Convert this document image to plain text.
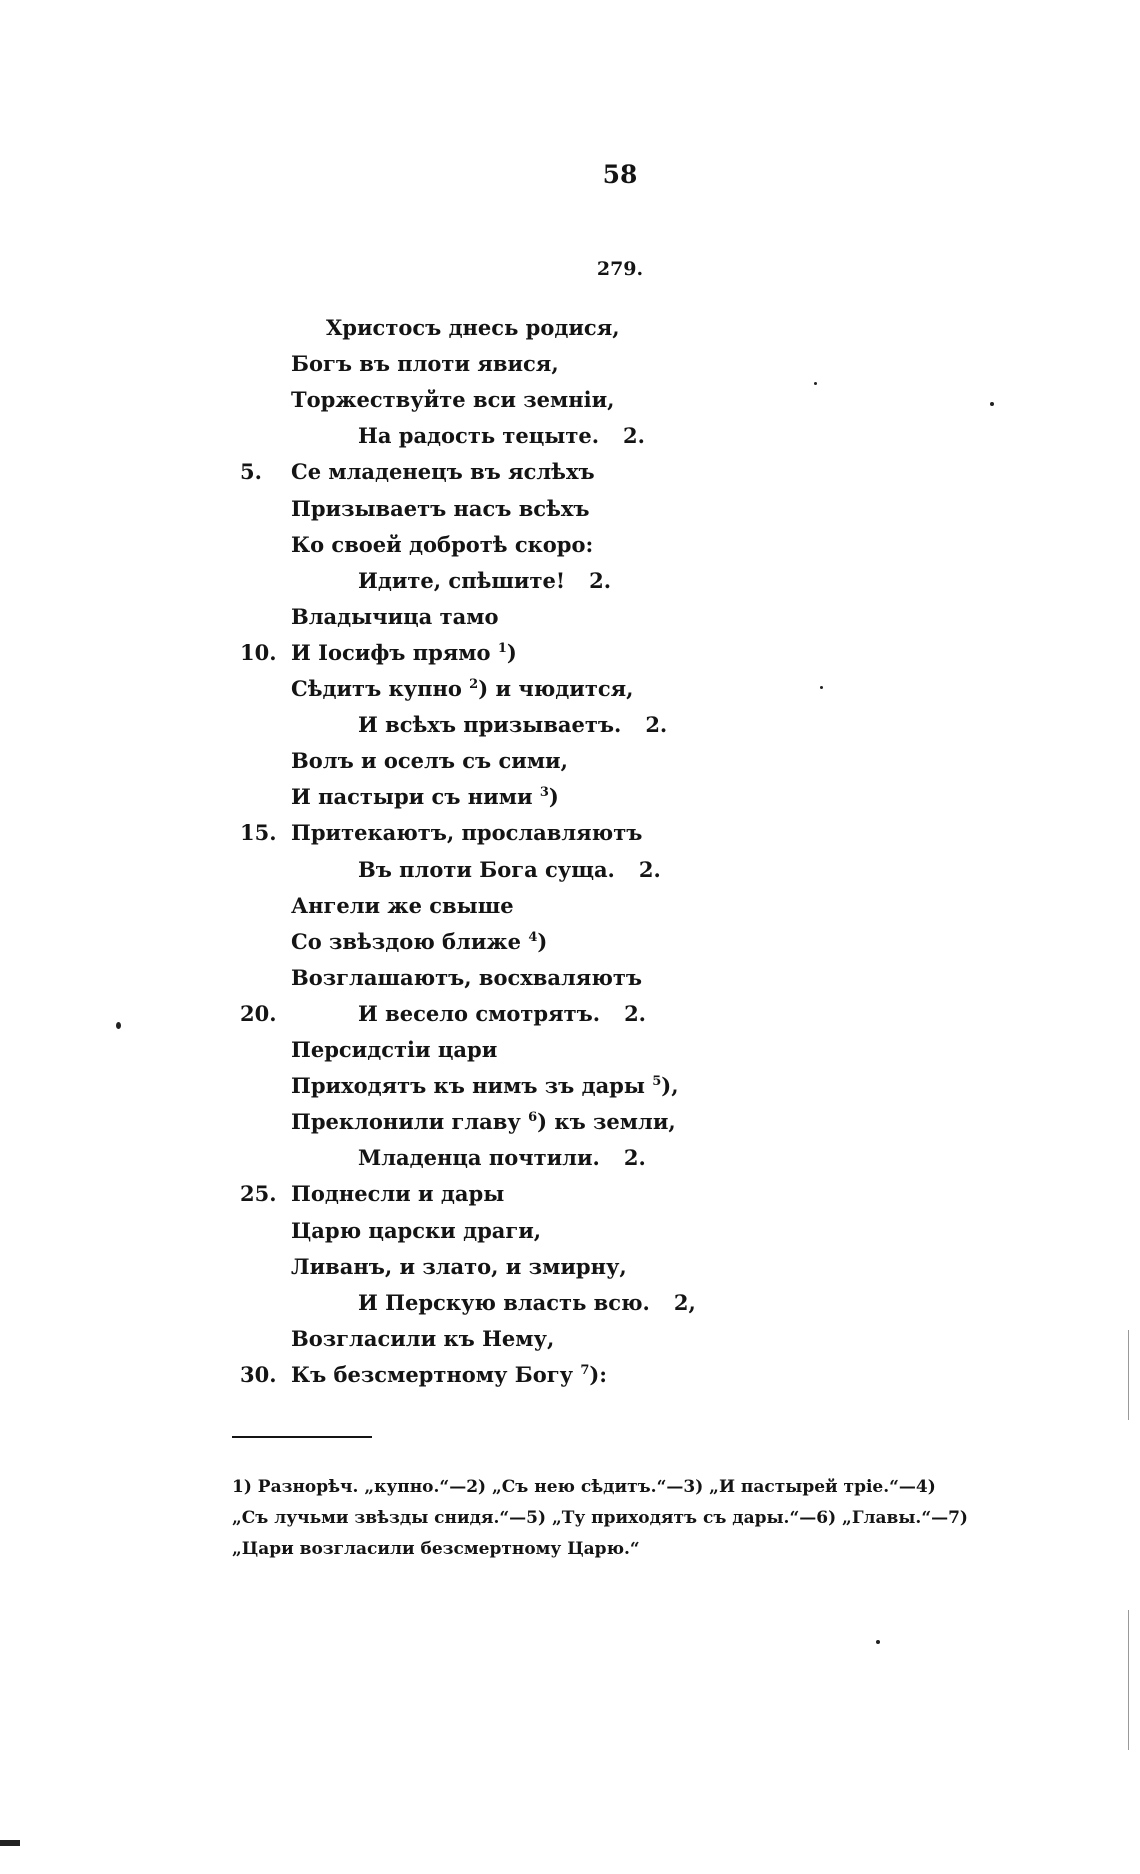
58
279.
Христосъ днесь родися,
Богъ въ плоти явися,
Торжествуйте вси земніи,
На радость тецыте. 2.
5.	Се младенецъ въ яслѣхъ
Призываетъ насъ всѣхъ
Ко своей добротѣ скоро:
Идите, спѣшите! 2.
Владычица тамо
10. И Іосифъ прямо $^1$)
Сѣдитъ купно $^2$) и чюдится,
И всѣхъ призываетъ. 2.
Волъ и оселъ съ сими,
И пастыри съ ними $^3$)
15. Притекаютъ, прославляютъ
Въ плоти Бога суща. 2.
Ангели же свыше
Со звѣздою ближе $^4$)
Возглашаютъ, восхваляютъ
20.	И весело смотрятъ. 2.
Персидстіи цари
Приходятъ къ нимъ зъ дары $^5$),
Преклонили главу $^6$) къ земли,
Младенца почтили. 2.
25. Поднесли и дары
Царю царски драги,
Ливанъ, и злато, и змирну,
И Перскую власть всю. 2,
Возгласили къ Нему,
30. Къ безсмертному Богу $^7$):
1) Разнорѣч. „купно.“—2) „Съ нею сѣдитъ.“—3) „И пастырей тріе.“—4)
„Съ лучьми звѣзды снидя.“—5) „Ту приходятъ съ дары.“—6) „Главы.“—7)
„Цари возгласили безсмертному Царю.“
